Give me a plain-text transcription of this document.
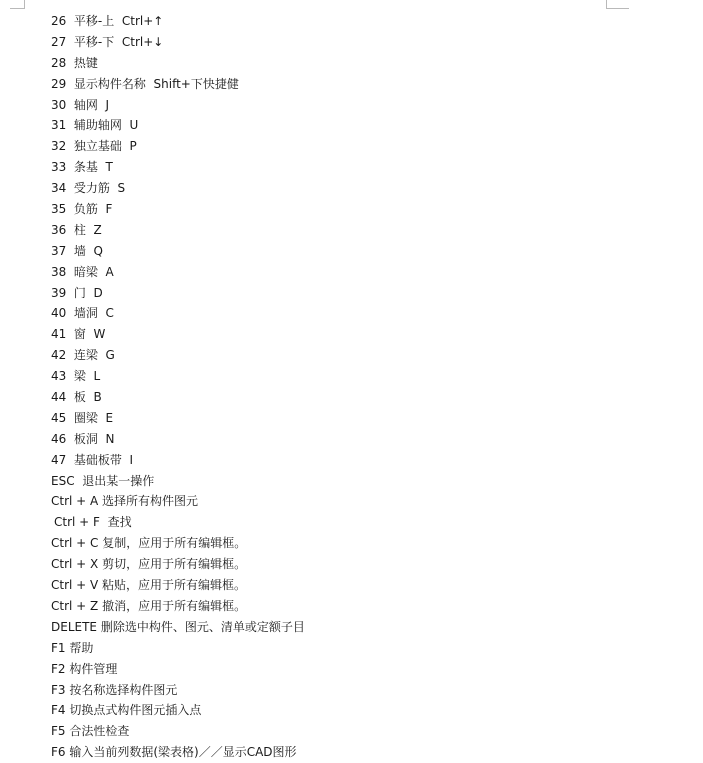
26  平移-上  Ctrl+↑
27  平移-下  Ctrl+↓
28  热键
29  显示构件名称  Shift+下快捷健
30  轴网  J
31  辅助轴网  U
32  独立基础  P
33  条基  T
34  受力筋  S
35  负筋  F
36  柱  Z
37  墙  Q
38  暗梁  A
39  门  D
40  墙洞  C
41  窗  W
42  连梁  G
43  梁  L
44  板  B
45  圈梁  E
46  板洞  N
47  基础板带  I
ESC  退出某一操作
Ctrl + A 选择所有构件图元
Ctrl + F  查找
Ctrl + C 复制，应用于所有编辑框。
Ctrl + X 剪切，应用于所有编辑框。
Ctrl + V 粘贴，应用于所有编辑框。
Ctrl + Z 撤消，应用于所有编辑框。
DELETE 删除选中构件、图元、清单或定额子目
F1 帮助
F2 构件管理
F3 按名称选择构件图元
F4 切换点式构件图元插入点
F5 合法性检查
F6 输入当前列数据(梁表格)／／显示CAD图形
